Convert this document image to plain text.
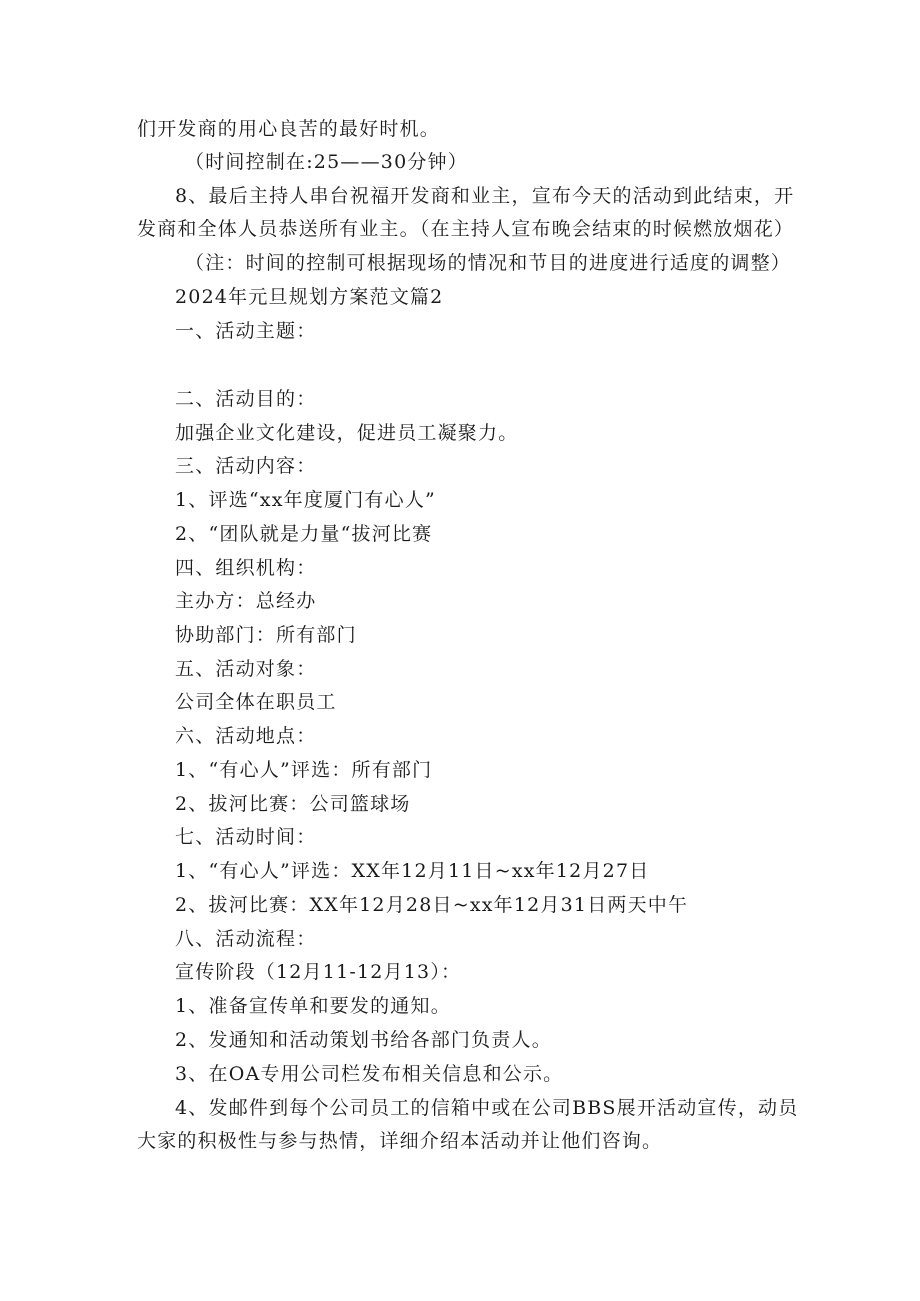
们开发商的用心良苦的最好时机。
（时间控制在:25——30分钟）
8、最后主持人串台祝福开发商和业主，宣布今天的活动到此结束，开
发商和全体人员恭送所有业主。（在主持人宣布晚会结束的时候燃放烟花）
（注：时间的控制可根据现场的情况和节目的进度进行适度的调整）
2024年元旦规划方案范文篇2
一、活动主题：
二、活动目的：
加强企业文化建设，促进员工凝聚力。
三、活动内容：
1、评选“xx年度厦门有心人”
2、“团队就是力量“拔河比赛
四、组织机构：
主办方：总经办
协助部门：所有部门
五、活动对象：
公司全体在职员工
六、活动地点：
1、“有心人”评选：所有部门
2、拔河比赛：公司篮球场
七、活动时间：
1、“有心人”评选：XX年12月11日~xx年12月27日
2、拔河比赛：XX年12月28日~xx年12月31日两天中午
八、活动流程：
宣传阶段（12月11-12月13）：
1、准备宣传单和要发的通知。
2、发通知和活动策划书给各部门负责人。
3、在OA专用公司栏发布相关信息和公示。
4、发邮件到每个公司员工的信箱中或在公司BBS展开活动宣传，动员
大家的积极性与参与热情，详细介绍本活动并让他们咨询。
